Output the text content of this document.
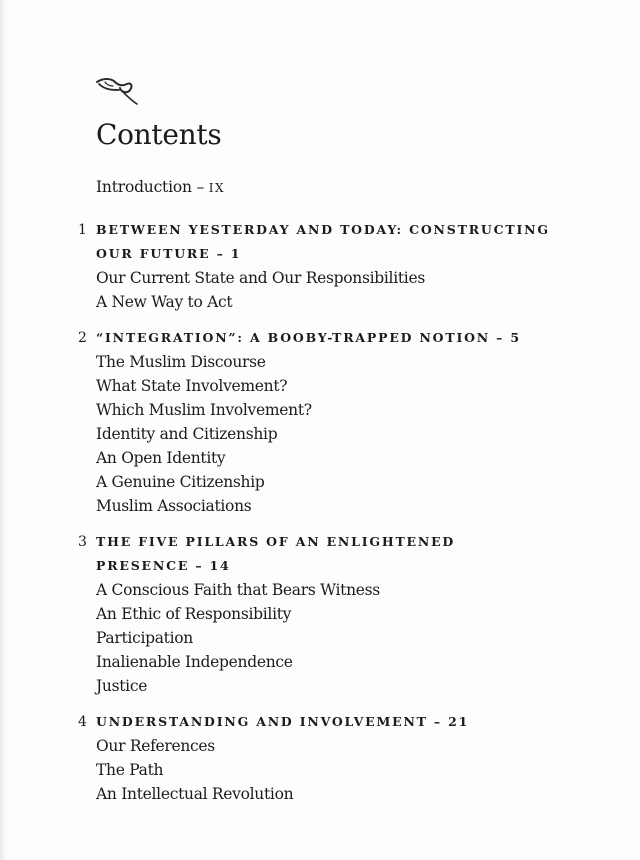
Contents
Introduction – IX
1 BETWEEN YESTERDAY AND TODAY: CONSTRUCTING
OUR FUTURE – 1
Our Current State and Our Responsibilities
A New Way to Act
2 “INTEGRATION”: A BOOBY-TRAPPED NOTION – 5
The Muslim Discourse
What State Involvement?
Which Muslim Involvement?
Identity and Citizenship
An Open Identity
A Genuine Citizenship
Muslim Associations
3 THE FIVE PILLARS OF AN ENLIGHTENED
PRESENCE – 14
A Conscious Faith that Bears Witness
An Ethic of Responsibility
Participation
Inalienable Independence
Justice
4 UNDERSTANDING AND INVOLVEMENT – 21
Our References
The Path
An Intellectual Revolution
